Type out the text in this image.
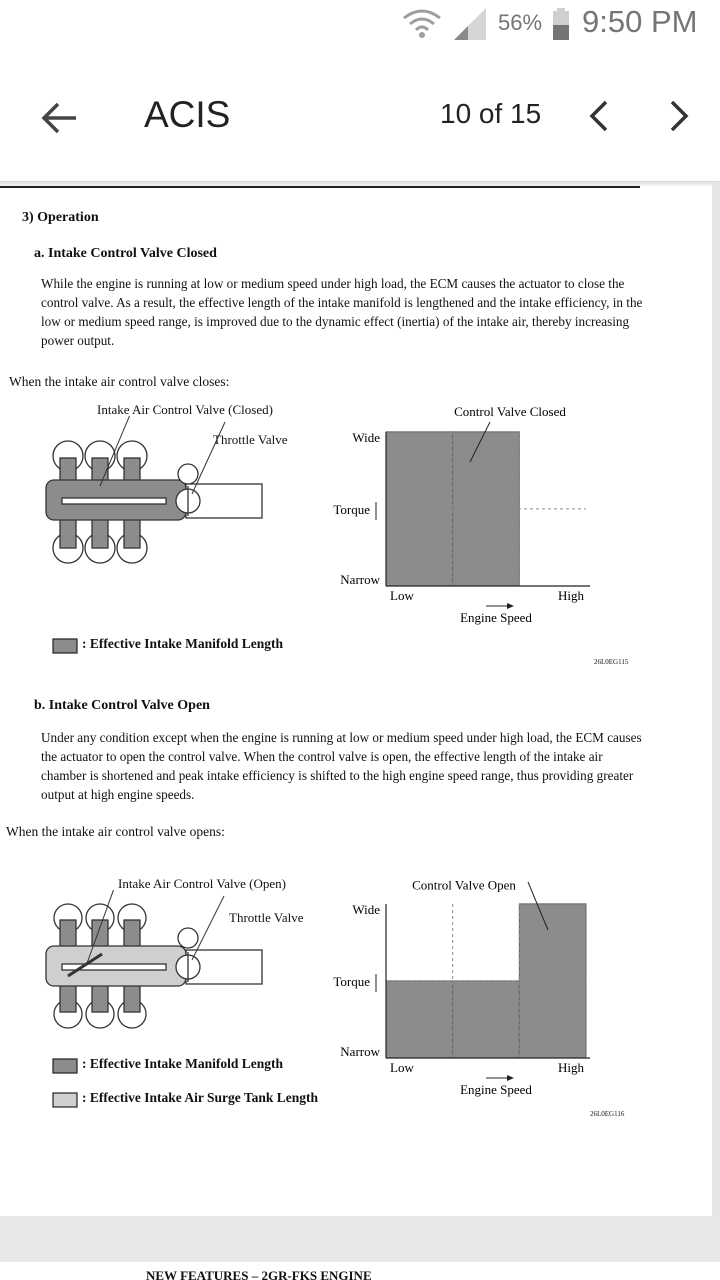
56% 9:50 PM
ACIS	10 of 15
3) Operation
a. Intake Control Valve Closed
While the engine is running at low or medium speed under high load, the ECM causes the actuator to close the control valve. As a result, the effective length of the intake manifold is lengthened and the intake efficiency, in the low or medium speed range, is improved due to the dynamic effect (inertia) of the intake air, thereby increasing power output.
When the intake air control valve closes:
Intake Air Control Valve (Closed)
Throttle Valve	Wide
Narrow
Torque
Low	High
Engine Speed
Control Valve Closed
: Effective Intake Manifold Length
26L0EG115
b. Intake Control Valve Open
Under any condition except when the engine is running at low or medium speed under high load, the ECM causes the actuator to open the control valve. When the control valve is open, the effective length of the intake air chamber is shortened and peak intake efficiency is shifted to the high engine speed range, thus providing greater output at high engine speeds.
When the intake air control valve opens:
Intake Air Control Valve (Open)
Throttle Valve
Wide
Narrow
Torque
Low	High
Engine Speed
Control Valve Open
: Effective Intake Manifold Length
: Effective Intake Air Surge Tank Length
26L0EG116
NEW FEATURES – 2GR-FKS ENGINE
